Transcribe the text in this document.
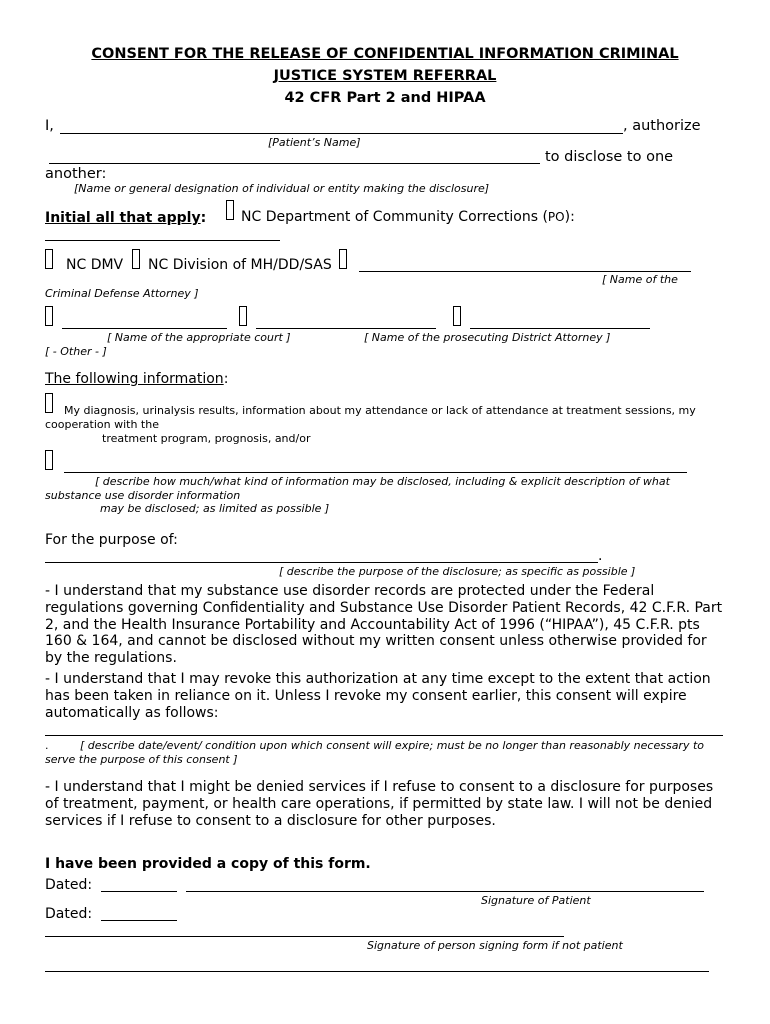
CONSENT FOR THE RELEASE OF CONFIDENTIAL INFORMATION CRIMINAL
JUSTICE SYSTEM REFERRAL
42 CFR Part 2 and HIPAA
I,	, authorize
[Patient’s Name]
to disclose to one
another:
[Name or general designation of individual or entity making the disclosure]
Initial all that apply: NC Department of Community Corrections (PO):
NC DMV NC Division of MH/DD/SAS
[ Name of the
Criminal Defense Attorney ]
[ Name of the appropriate court ]	[ Name of the prosecuting District Attorney ]
[ - Other - ]
The following information:
My diagnosis, urinalysis results, information about my attendance or lack of attendance at treatment sessions, my
cooperation with the
treatment program, prognosis, and/or
[ describe how much/what kind of information may be disclosed, including & explicit description of what
substance use disorder information
may be disclosed; as limited as possible ]
For the purpose of:
.
[ describe the purpose of the disclosure; as specific as possible ]
- I understand that my substance use disorder records are protected under the Federal regulations governing Confidentiality and Substance Use Disorder Patient Records, 42 C.F.R. Part 2, and the Health Insurance Portability and Accountability Act of 1996 (“HIPAA”), 45 C.F.R. pts 160 & 164, and cannot be disclosed without my written consent unless otherwise provided for by the regulations.
- I understand that I may revoke this authorization at any time except to the extent that action has been taken in reliance on it. Unless I revoke my consent earlier, this consent will expire automatically as follows:
.	[ describe date/event/ condition upon which consent will expire; must be no longer than reasonably necessary to
serve the purpose of this consent ]
- I understand that I might be denied services if I refuse to consent to a disclosure for purposes of treatment, payment, or health care operations, if permitted by state law. I will not be denied services if I refuse to consent to a disclosure for other purposes.
I have been provided a copy of this form.
Dated:
Signature of Patient
Dated:
Signature of person signing form if not patient
